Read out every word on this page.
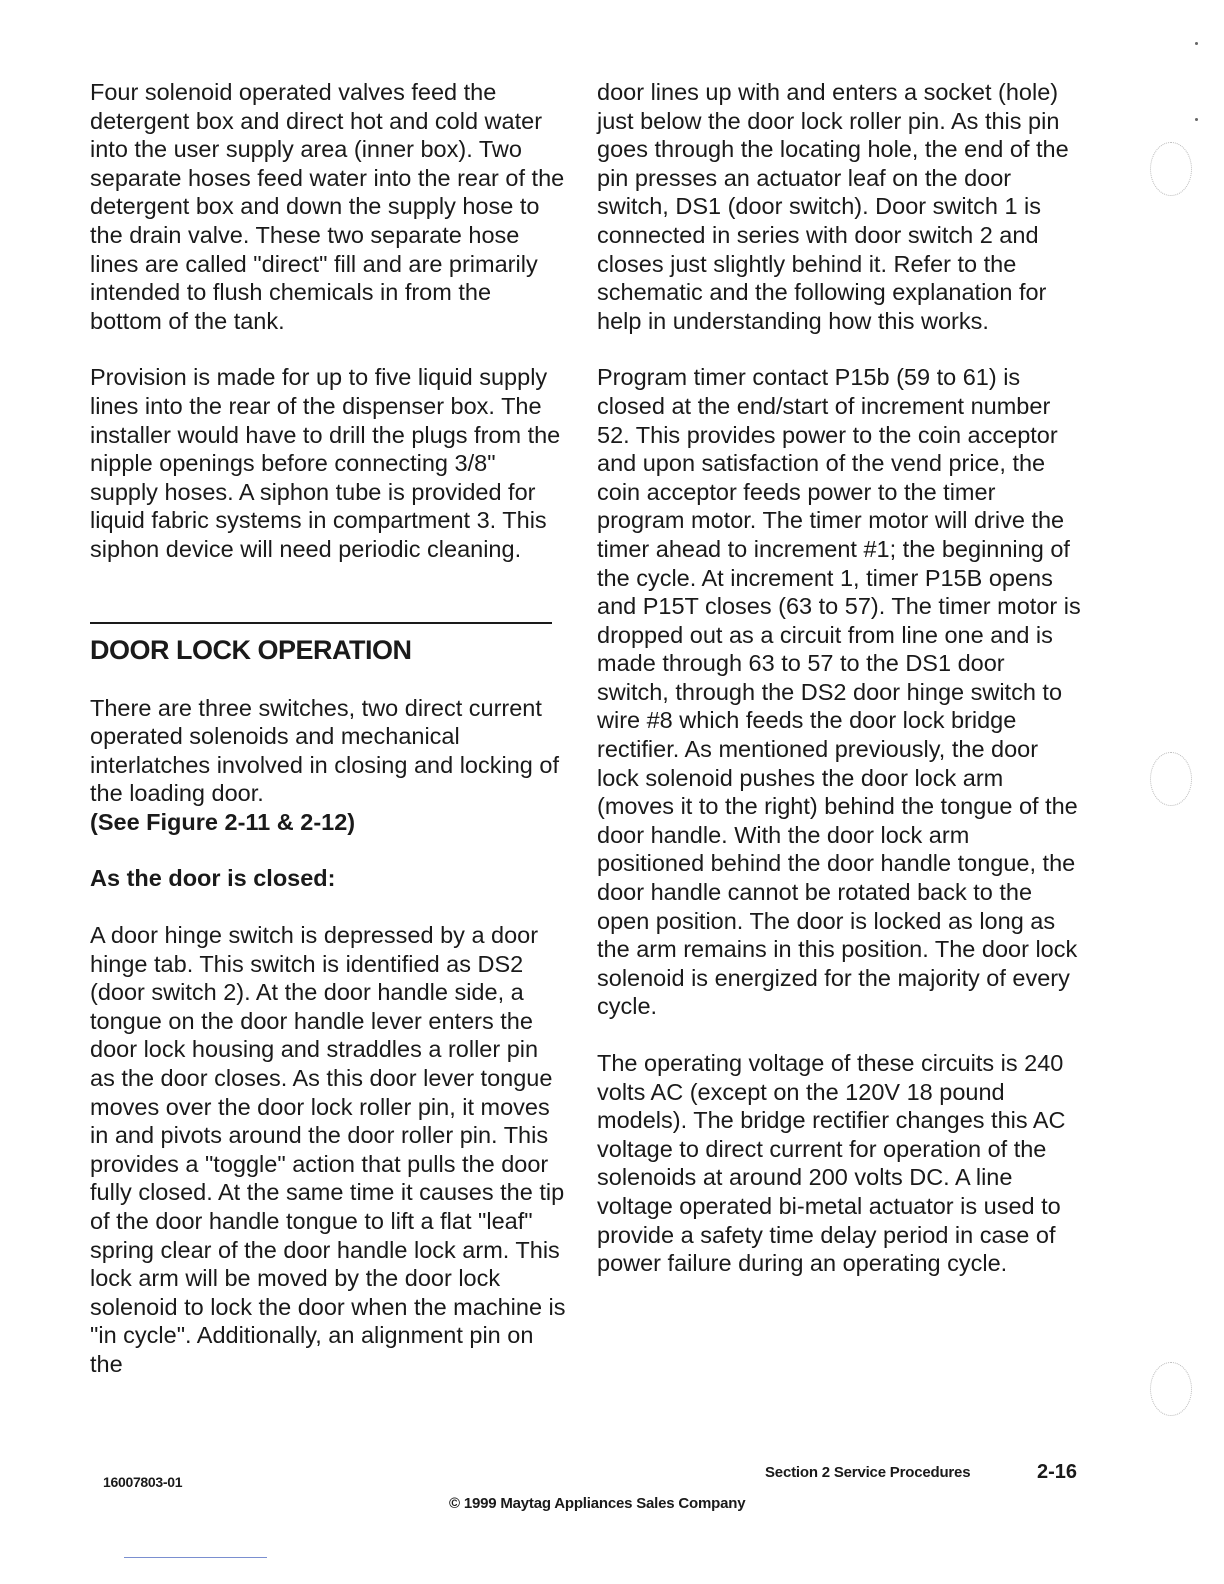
Four solenoid operated valves feed the detergent box and direct hot and cold water into the user supply area (inner box). Two separate hoses feed water into the rear of the detergent box and down the supply hose to the drain valve. These two separate hose lines are called "direct" fill and are primarily intended to flush chemicals in from the bottom of the tank.

Provision is made for up to five liquid supply lines into the rear of the dispenser box. The installer would have to drill the plugs from the nipple openings before connecting 3/8" supply hoses. A siphon tube is provided for liquid fabric systems in compartment 3. This siphon device will need periodic cleaning.

DOOR LOCK OPERATION

There are three switches, two direct current operated solenoids and mechanical interlatches involved in closing and locking of the loading door.

(See Figure 2-11 & 2-12)

As the door is closed:

A door hinge switch is depressed by a door hinge tab. This switch is identified as DS2 (door switch 2). At the door handle side, a tongue on the door handle lever enters the door lock housing and straddles a roller pin as the door closes. As this door lever tongue moves over the door lock roller pin, it moves in and pivots around the door roller pin. This provides a "toggle" action that pulls the door fully closed. At the same time it causes the tip of the door handle tongue to lift a flat "leaf" spring clear of the door handle lock arm. This lock arm will be moved by the door lock solenoid to lock the door when the machine is "in cycle". Additionally, an alignment pin on the

door lines up with and enters a socket (hole) just below the door lock roller pin. As this pin goes through the locating hole, the end of the pin presses an actuator leaf on the door switch, DS1 (door switch). Door switch 1 is connected in series with door switch 2 and closes just slightly behind it. Refer to the schematic and the following explanation for help in understanding how this works.

Program timer contact P15b (59 to 61) is closed at the end/start of increment number 52. This provides power to the coin acceptor and upon satisfaction of the vend price, the coin acceptor feeds power to the timer program motor. The timer motor will drive the timer ahead to increment #1; the beginning of the cycle. At increment 1, timer P15B opens and P15T closes (63 to 57). The timer motor is dropped out as a circuit from line one and is made through 63 to 57 to the DS1 door switch, through the DS2 door hinge switch to wire #8 which feeds the door lock bridge rectifier. As mentioned previously, the door lock solenoid pushes the door lock arm (moves it to the right) behind the tongue of the door handle. With the door lock arm positioned behind the door handle tongue, the door handle cannot be rotated back to the open position. The door is locked as long as the arm remains in this position. The door lock solenoid is energized for the majority of every cycle.

The operating voltage of these circuits is 240 volts AC (except on the 120V 18 pound models). The bridge rectifier changes this AC voltage to direct current for operation of the solenoids at around 200 volts DC. A line voltage operated bi-metal actuator is used to provide a safety time delay period in case of power failure during an operating cycle.

16007803-01
Section 2 Service Procedures	2-16
© 1999 Maytag Appliances Sales Company
